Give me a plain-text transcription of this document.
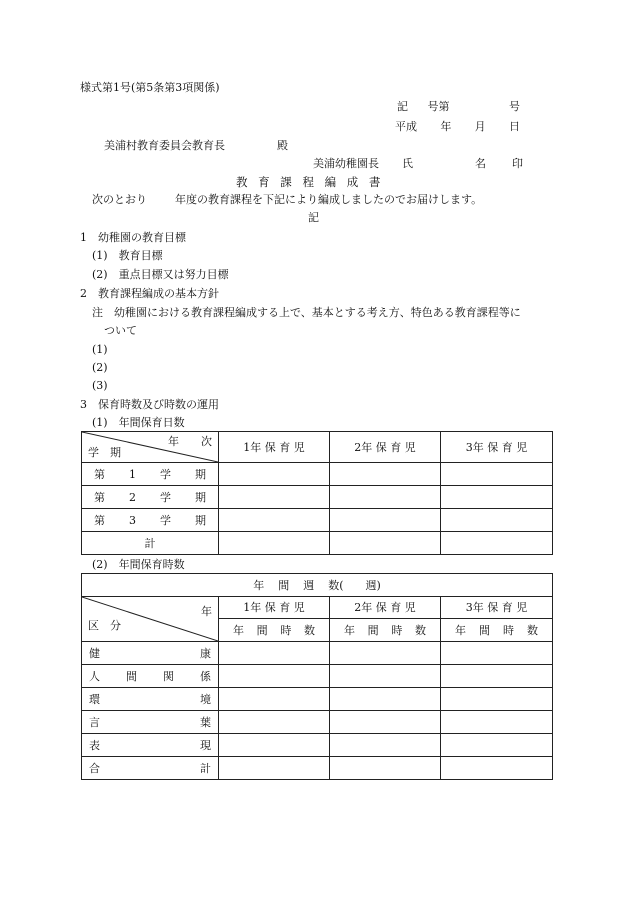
様式第1号(第5条第3項関係)
記 号第	号
平成 年 月 日
美浦村教育委員会教育長	殿
美浦幼稚園長 氏	名 印
教 育 課 程 編 成 書
次のとおり	年度の教育課程を下記により編成しましたのでお届けします。
記
1　幼稚園の教育目標
(1)　教育目標
(2)　重点目標又は努力目標
2　教育課程編成の基本方針
注　幼稚園における教育課程編成する上で、基本とする考え方、特色ある教育課程等に
ついて
(1)
(2)
(3)
3　保育時数及び時数の運用
(1)　年間保育日数
年　　次
学　期	1年 保 育 児	2年 保 育 児	3年 保 育 児

第 1 学 期			

第 2 学 期			

第 3 学 期			

計			
(2)　年間保育時数
年 間 週 数( 週)			

年
区　分	1年 保 育 児	2年 保 育 児	3年 保 育 児

	年 間 時 数	年 間 時 数	年 間 時 数

健 康			

人 間 関 係			

環 境			

言 葉			

表 現			

合 計			
